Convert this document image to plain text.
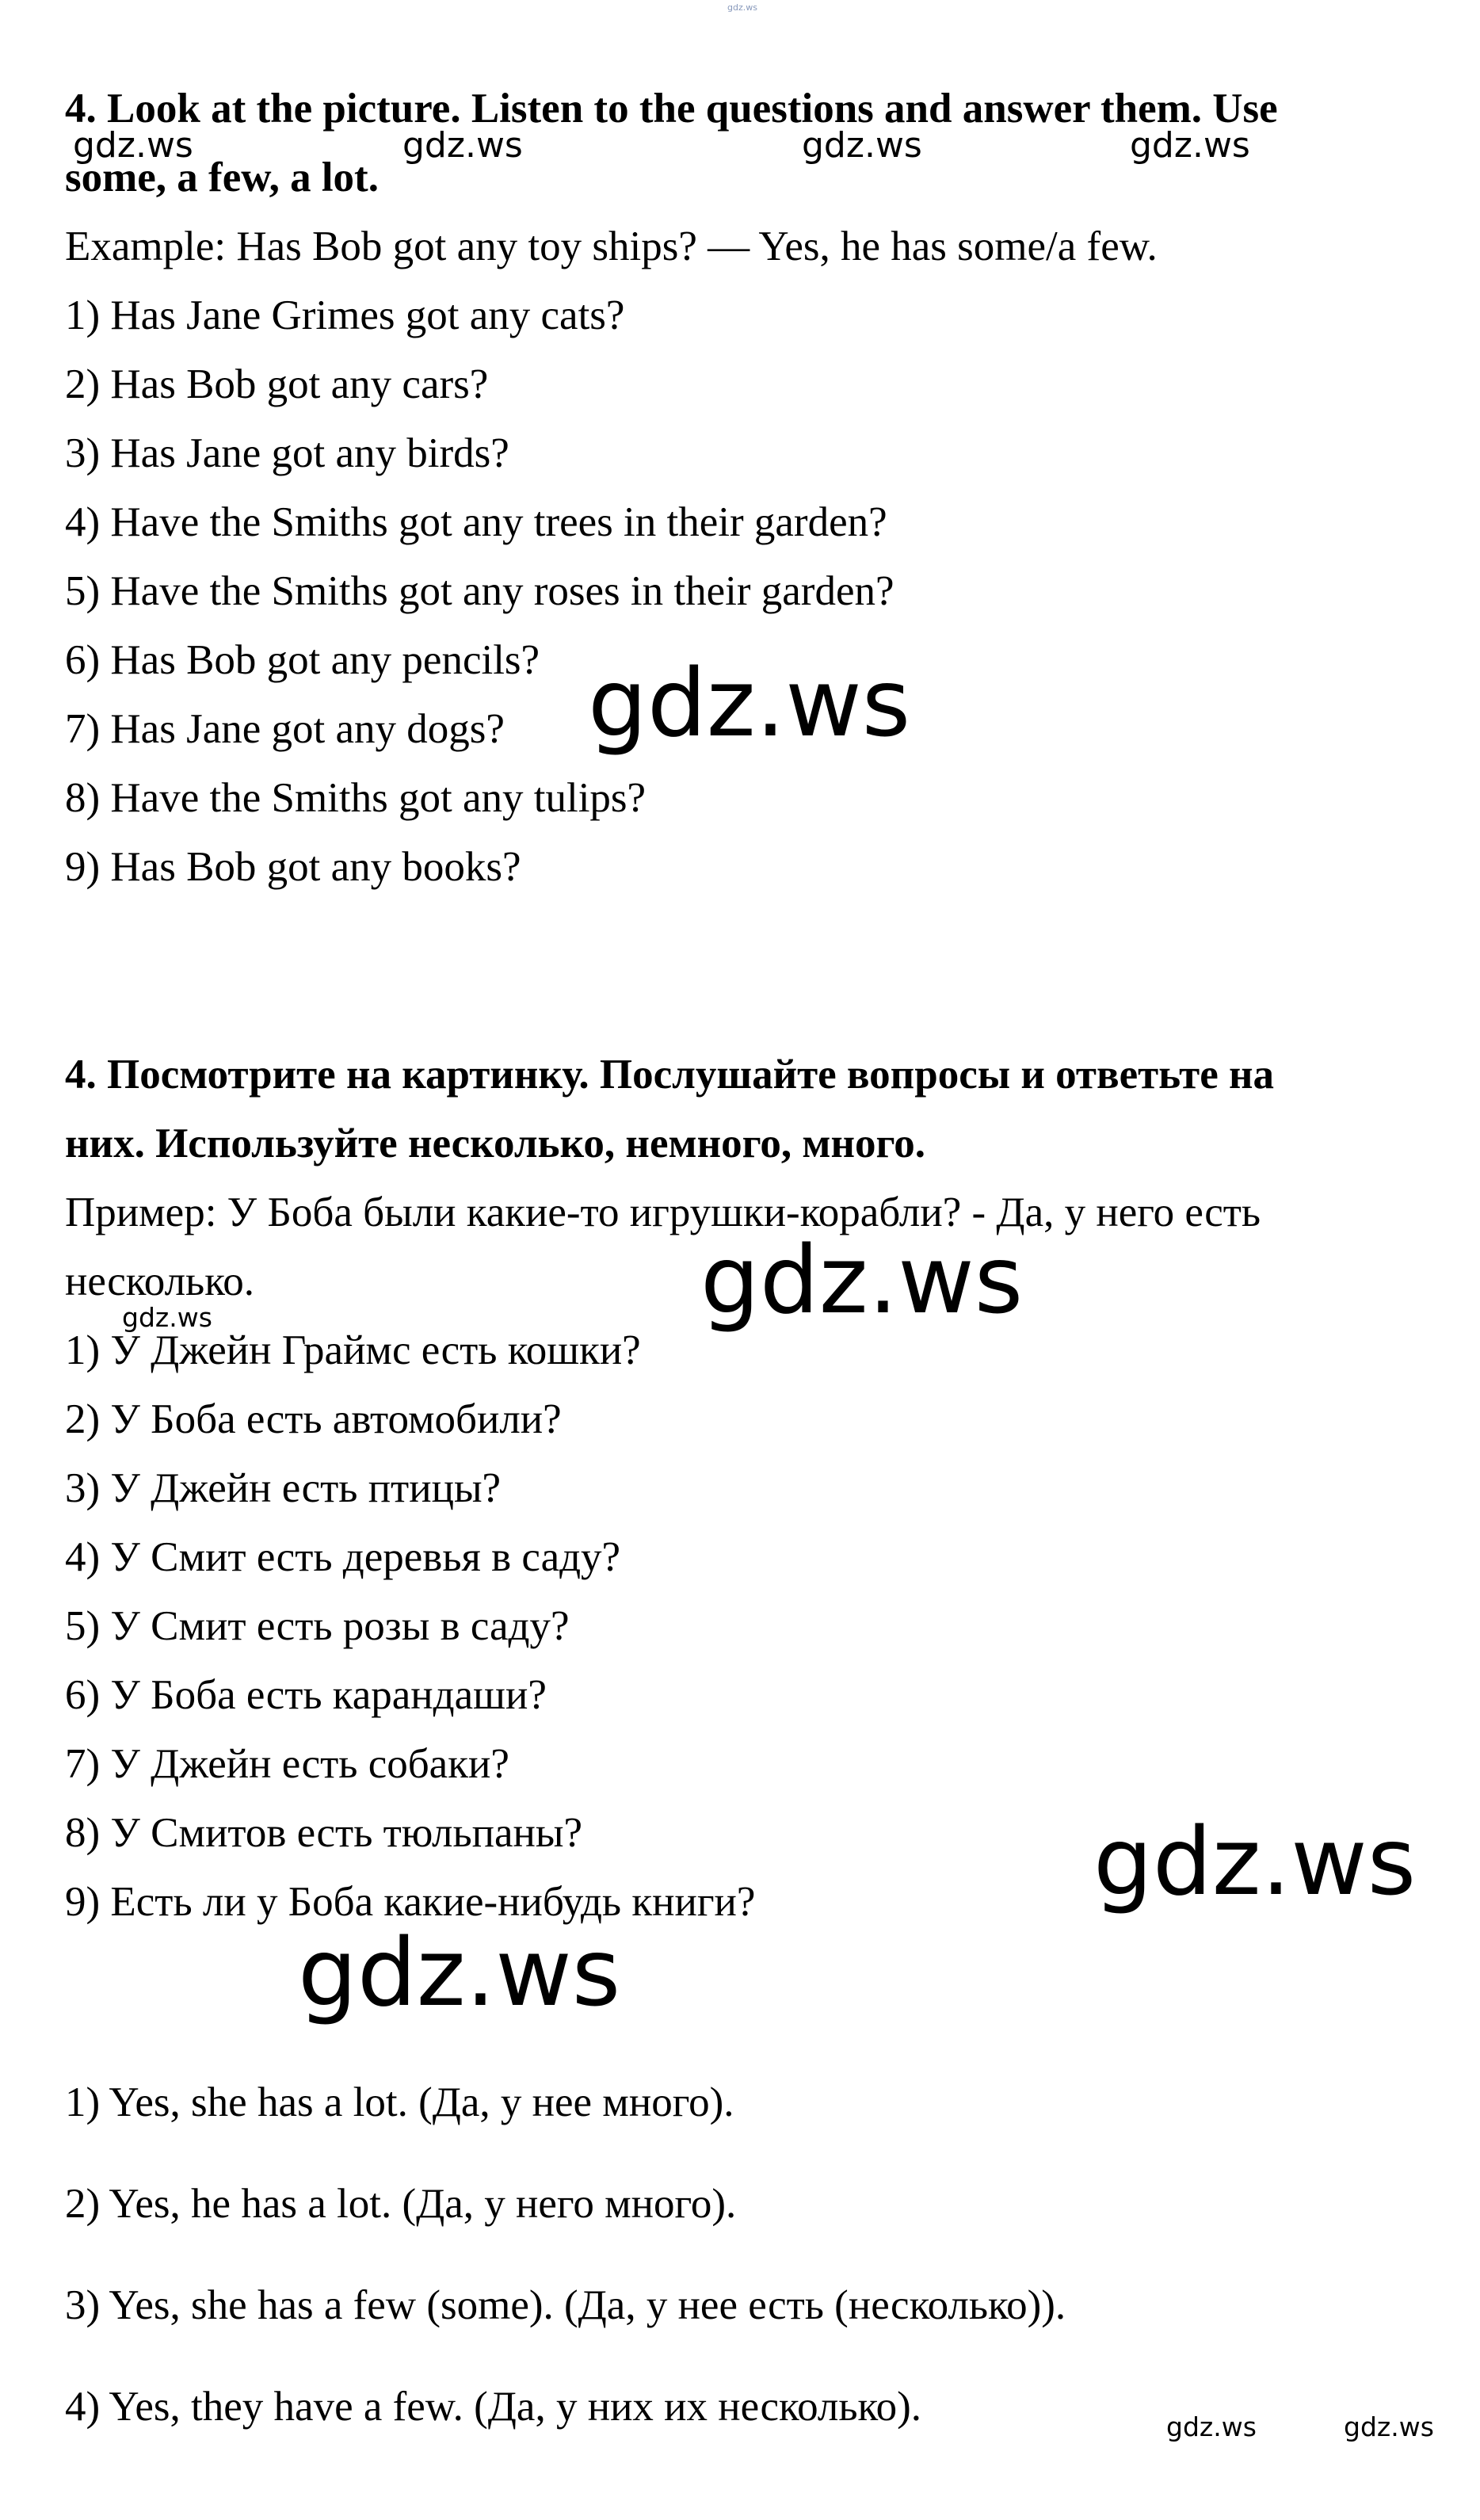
gdz.ws

4. Look at the picture. Listen to the questions and answer them. Use

some, a few, a lot.

gdz.ws	gdz.ws	gdz.ws	gdz.ws

Example: Has Bob got any toy ships? — Yes, he has some/a few.

1) Has Jane Grimes got any cats?

2) Has Bob got any cars?

3) Has Jane got any birds?

4) Have the Smiths got any trees in their garden?

5) Have the Smiths got any roses in their garden?

6) Has Bob got any pencils?

7) Has Jane got any dogs?

8) Have the Smiths got any tulips?

9) Has Bob got any books?

gdz.ws

4. Посмотрите на картинку. Послушайте вопросы и ответьте на

них. Используйте несколько, немного, много.

Пример: У Боба были какие-то игрушки-корабли? - Да, у него есть

несколько.	gdz.ws
gdz.ws

1) У Джейн Граймс есть кошки?

2) У Боба есть автомобили?

3) У Джейн есть птицы?

4) У Смит есть деревья в саду?

5) У Смит есть розы в саду?

6) У Боба есть карандаши?

7) У Джейн есть собаки?

8) У Смитов есть тюльпаны?

9) Есть ли у Боба какие-нибудь книги?	gdz.ws
gdz.ws

1) Yes, she has a lot. (Да, у нее много).

2) Yes, he has a lot. (Да, у него много).

3) Yes, she has a few (some). (Да, у нее есть (несколько)).

4) Yes, they have a few. (Да, у них их несколько).	gdz.ws	gdz.ws
